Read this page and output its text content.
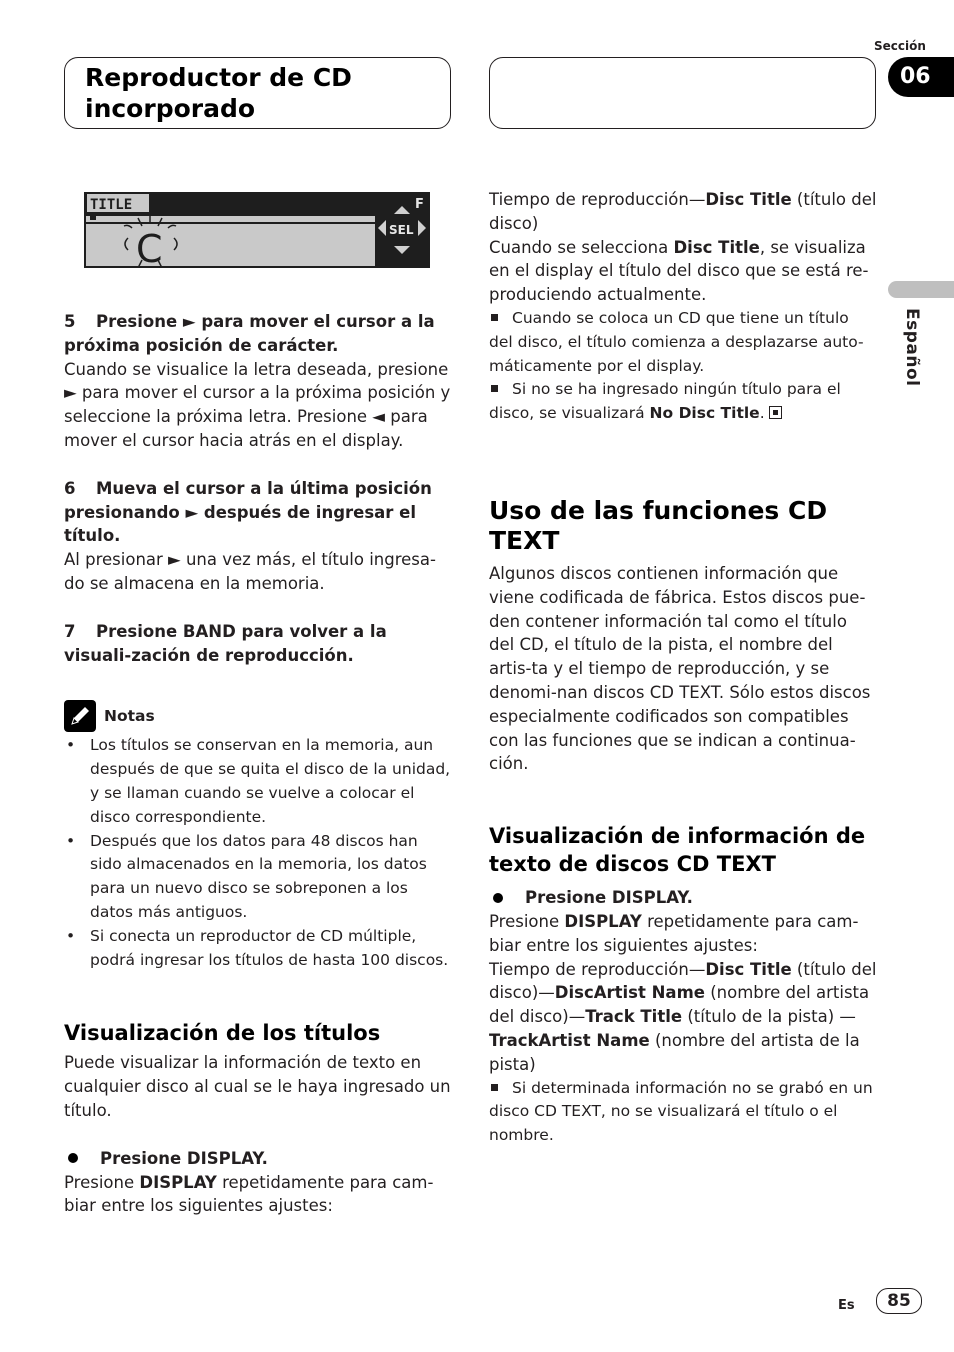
Reproductor de CD incorporado
Sección
06
Español
TITLE	F
SEL
C

5 Presione ► para mover el cursor a la próxima posición de carácter.

Cuando se visualice la letra deseada, presione ► para mover el cursor a la próxima posición y seleccione la próxima letra. Presione ◄ para mover el cursor hacia atrás en el display.

6 Mueva el cursor a la última posición presionando ► después de ingresar el título.

Al presionar ► una vez más, el título ingresa-do se almacena en la memoria.

7 Presione BAND para volver a la visuali-zación de reproducción.

Notas
• Los títulos se conservan en la memoria, aun después de que se quita el disco de la unidad, y se llaman cuando se vuelve a colocar el disco correspondiente.
• Después que los datos para 48 discos han sido almacenados en la memoria, los datos para un nuevo disco se sobreponen a los datos más antiguos.
• Si conecta un reproductor de CD múltiple, podrá ingresar los títulos de hasta 100 discos.

Visualización de los títulos

Puede visualizar la información de texto en cualquier disco al cual se le haya ingresado un título.

Presione DISPLAY.

Presione DISPLAY repetidamente para cam-biar entre los siguientes ajustes:

Tiempo de reproducción—Disc Title (título del disco)

Cuando se selecciona Disc Title, se visualiza en el display el título del disco que se está re-produciendo actualmente.

Cuando se coloca un CD que tiene un título del disco, el título comienza a desplazarse auto-máticamente por el display.

Si no se ha ingresado ningún título para el disco, se visualizará No Disc Title.

Uso de las funciones CD TEXT

Algunos discos contienen información que viene codificada de fábrica. Estos discos pue-den contener información tal como el título del CD, el título de la pista, el nombre del artis-ta y el tiempo de reproducción, y se denomi-nan discos CD TEXT. Sólo estos discos especialmente codificados son compatibles con las funciones que se indican a continua-ción.

Visualización de información de texto de discos CD TEXT

Presione DISPLAY.

Presione DISPLAY repetidamente para cam-biar entre los siguientes ajustes:

Tiempo de reproducción—Disc Title (título del disco)—DiscArtist Name (nombre del artista del disco)—Track Title (título de la pista) —TrackArtist Name (nombre del artista de la pista)

Si determinada información no se grabó en un disco CD TEXT, no se visualizará el título o el nombre.

Es	85
